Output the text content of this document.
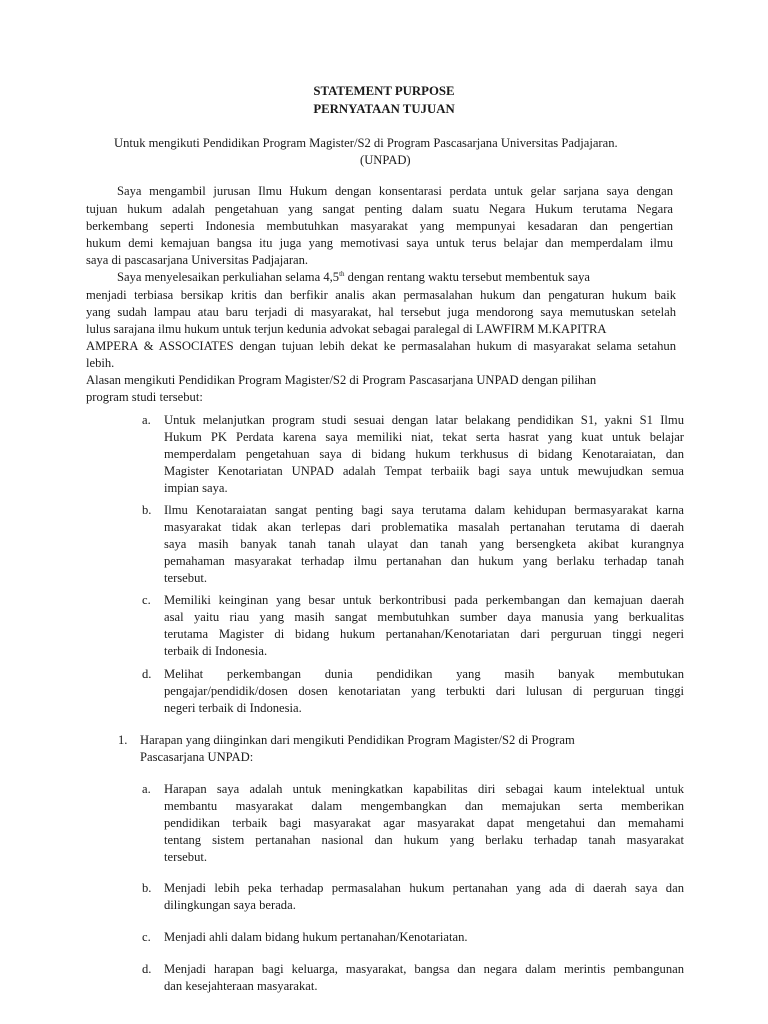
STATEMENT PURPOSE
PERNYATAAN TUJUAN
Untuk mengikuti Pendidikan Program Magister/S2 di Program Pascasarjana Universitas Padjajaran.
(UNPAD)
Saya mengambil jurusan Ilmu Hukum dengan konsentarasi perdata untuk gelar sarjana saya dengan
tujuan hukum adalah pengetahuan yang sangat penting dalam suatu Negara Hukum terutama Negara
berkembang seperti Indonesia membutuhkan masyarakat yang mempunyai kesadaran dan pengertian
hukum demi kemajuan bangsa itu juga yang memotivasi saya untuk terus belajar dan memperdalam ilmu
saya di pascasarjana Universitas Padjajaran.
Saya menyelesaikan perkuliahan selama 4,5th dengan rentang waktu tersebut membentuk saya
menjadi terbiasa bersikap kritis dan berfikir analis akan permasalahan hukum dan pengaturan hukum baik
yang sudah lampau atau baru terjadi di masyarakat, hal tersebut juga mendorong saya memutuskan setelah
lulus sarajana ilmu hukum untuk terjun kedunia advokat sebagai paralegal di LAWFIRM M.KAPITRA
AMPERA & ASSOCIATES dengan tujuan lebih dekat ke permasalahan hukum di masyarakat selama setahun
lebih.
Alasan mengikuti Pendidikan Program Magister/S2 di Program Pascasarjana UNPAD dengan pilihan
program studi tersebut:
a. Untuk melanjutkan program studi sesuai dengan latar belakang pendidikan S1, yakni S1 Ilmu
Hukum PK Perdata karena saya memiliki niat, tekat serta hasrat yang kuat untuk belajar
memperdalam pengetahuan saya di bidang hukum terkhusus di bidang Kenotaraiatan, dan
Magister Kenotariatan UNPAD adalah Tempat terbaiik bagi saya untuk mewujudkan semua
impian saya.
b. Ilmu Kenotaraiatan sangat penting bagi saya terutama dalam kehidupan bermasyarakat karna
masyarakat tidak akan terlepas dari problematika masalah pertanahan terutama di daerah
saya masih banyak tanah tanah ulayat dan tanah yang bersengketa akibat kurangnya
pemahaman masyarakat terhadap ilmu pertanahan dan hukum yang berlaku terhadap tanah
tersebut.
c. Memiliki keinginan yang besar untuk berkontribusi pada perkembangan dan kemajuan daerah
asal yaitu riau yang masih sangat membutuhkan sumber daya manusia yang berkualitas
terutama Magister di bidang hukum pertanahan/Kenotariatan dari perguruan tinggi negeri
terbaik di Indonesia.
d. Melihat perkembangan dunia pendidikan yang masih banyak membutukan
pengajar/pendidik/dosen dosen kenotariatan yang terbukti dari lulusan di perguruan tinggi
negeri terbaik di Indonesia.
1. Harapan yang diinginkan dari mengikuti Pendidikan Program Magister/S2 di Program
Pascasarjana UNPAD:
a. Harapan saya adalah untuk meningkatkan kapabilitas diri sebagai kaum intelektual untuk
membantu masyarakat dalam mengembangkan dan memajukan serta memberikan
pendidikan terbaik bagi masyarakat agar masyarakat dapat mengetahui dan memahami
tentang sistem pertanahan nasional dan hukum yang berlaku terhadap tanah masyarakat
tersebut.
b. Menjadi lebih peka terhadap permasalahan hukum pertanahan yang ada di daerah saya dan
dilingkungan saya berada.
c. Menjadi ahli dalam bidang hukum pertanahan/Kenotariatan.
d. Menjadi harapan bagi keluarga, masyarakat, bangsa dan negara dalam merintis pembangunan
dan kesejahteraan masyarakat.
